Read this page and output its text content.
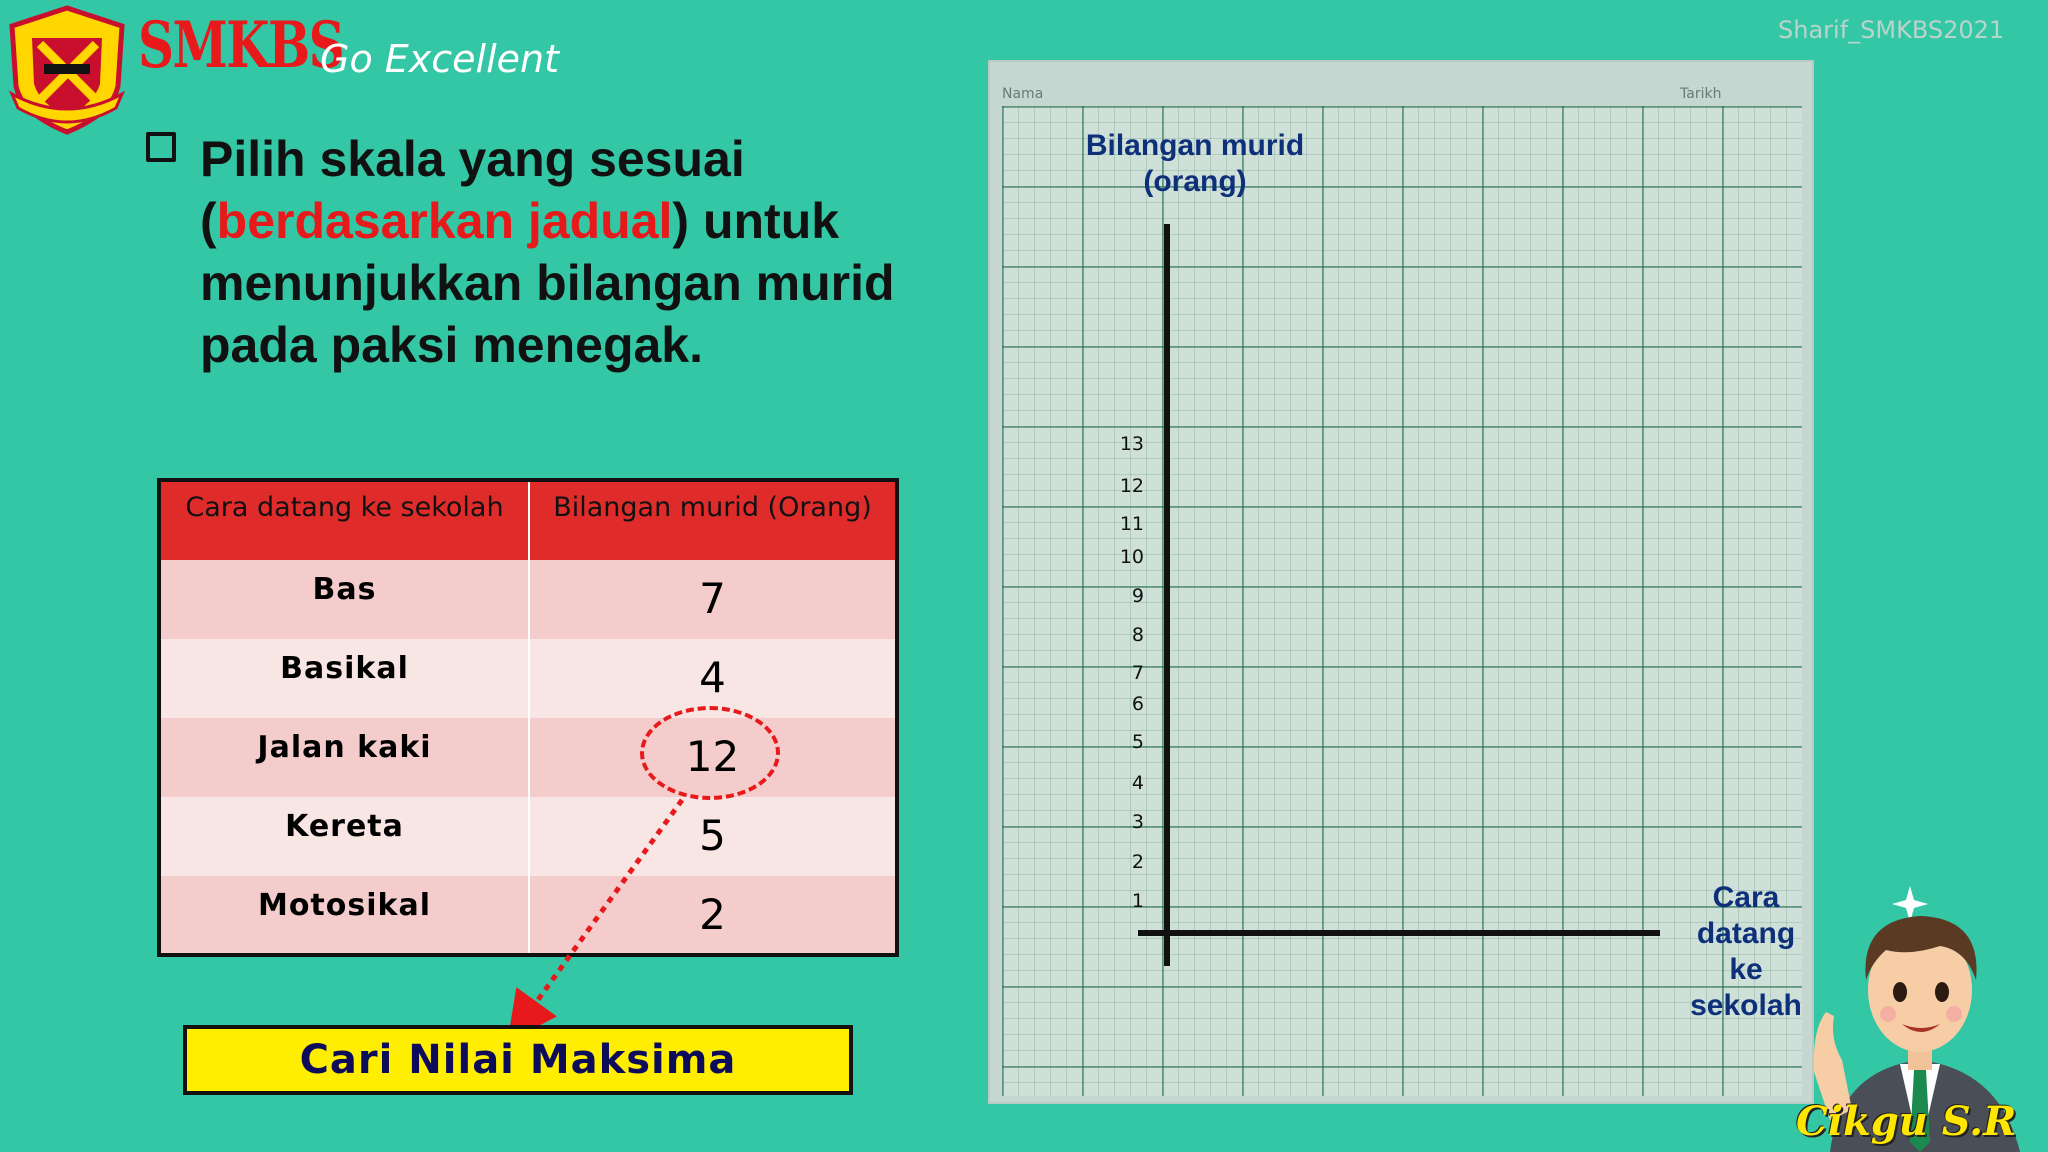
SMKBS
Go Excellent
Sharif_SMKBS2021
Pilih skala yang sesuai (berdasarkan jadual) untuk menunjukkan bilangan murid pada paksi menegak.
Cara datang ke sekolah	Bilangan murid (Orang)
Bas	7
Basikal	4
Jalan kaki	12
Kereta	5
Motosikal	2
Cari Nilai Maksima
Nama	Tarikh
Bilangan murid
(orang)
Cara
datang
ke
sekolah
1
2
3
4
5
6
7
8
9
10
11
12
13
Cikgu S.R
